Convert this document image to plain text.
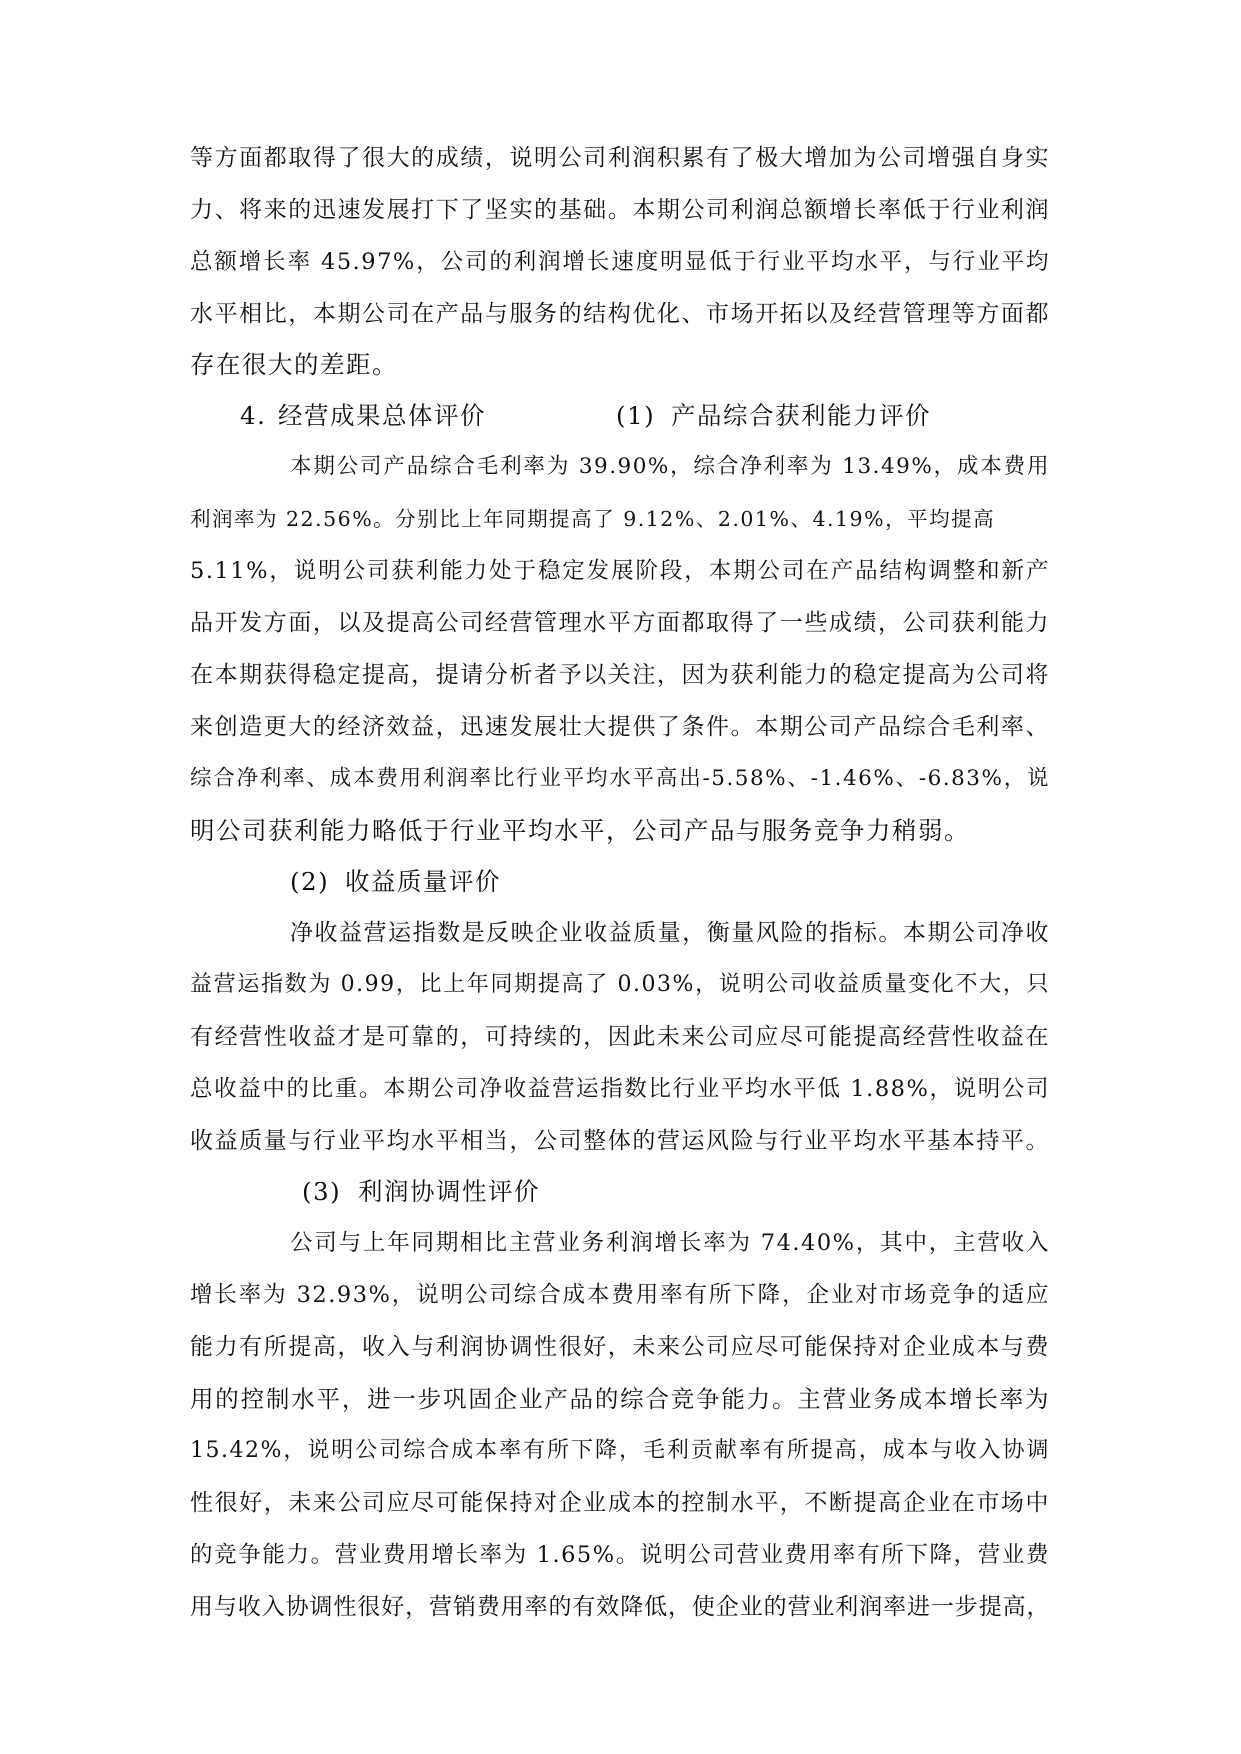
等方面都取得了很大的成绩，说明公司利润积累有了极大增加为公司增强自身实
力、将来的迅速发展打下了坚实的基础。本期公司利润总额增长率低于行业利润
总额增长率 45.97%，公司的利润增长速度明显低于行业平均水平，与行业平均
水平相比，本期公司在产品与服务的结构优化、市场开拓以及经营管理等方面都
存在很大的差距。
4. 经营成果总体评价	(1) 产品综合获利能力评价
本期公司产品综合毛利率为 39.90%，综合净利率为 13.49%，成本费用
利润率为 22.56%。分别比上年同期提高了 9.12%、2.01%、4.19%，平均提高
5.11%，说明公司获利能力处于稳定发展阶段，本期公司在产品结构调整和新产
品开发方面，以及提高公司经营管理水平方面都取得了一些成绩，公司获利能力
在本期获得稳定提高，提请分析者予以关注，因为获利能力的稳定提高为公司将
来创造更大的经济效益，迅速发展壮大提供了条件。本期公司产品综合毛利率、
综合净利率、成本费用利润率比行业平均水平高出-5.58%、-1.46%、-6.83%，说
明公司获利能力略低于行业平均水平，公司产品与服务竞争力稍弱。
(2) 收益质量评价
净收益营运指数是反映企业收益质量，衡量风险的指标。本期公司净收
益营运指数为 0.99，比上年同期提高了 0.03%，说明公司收益质量变化不大，只
有经营性收益才是可靠的，可持续的，因此未来公司应尽可能提高经营性收益在
总收益中的比重。本期公司净收益营运指数比行业平均水平低 1.88%，说明公司
收益质量与行业平均水平相当，公司整体的营运风险与行业平均水平基本持平。
(3) 利润协调性评价
公司与上年同期相比主营业务利润增长率为 74.40%，其中，主营收入
增长率为 32.93%，说明公司综合成本费用率有所下降，企业对市场竞争的适应
能力有所提高，收入与利润协调性很好，未来公司应尽可能保持对企业成本与费
用的控制水平，进一步巩固企业产品的综合竞争能力。主营业务成本增长率为
15.42%，说明公司综合成本率有所下降，毛利贡献率有所提高，成本与收入协调
性很好，未来公司应尽可能保持对企业成本的控制水平，不断提高企业在市场中
的竞争能力。营业费用增长率为 1.65%。说明公司营业费用率有所下降，营业费
用与收入协调性很好，营销费用率的有效降低，使企业的营业利润率进一步提高，
